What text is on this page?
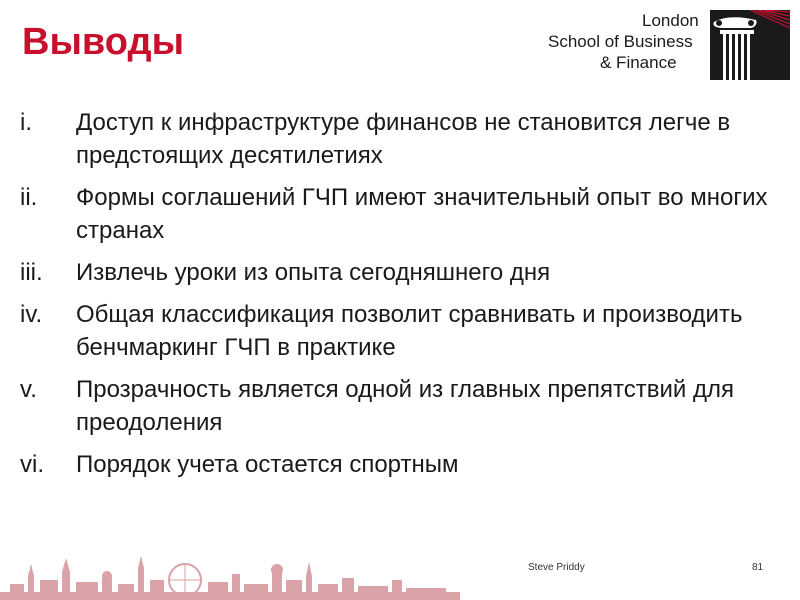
Выводы
London
School of Business
& Finance
i.	Доступ к инфраструктуре финансов не становится легче в предстоящих десятилетиях
ii.	Формы соглашений ГЧП имеют значительный опыт во многих странах
iii.	Извлечь уроки из опыта сегодняшнего дня
iv.	Общая классификация позволит сравнивать и производить бенчмаркинг ГЧП в практике
v.	Прозрачность является одной из главных препятствий для преодоления
vi.	Порядок учета остается спортным
Steve Priddy	81
